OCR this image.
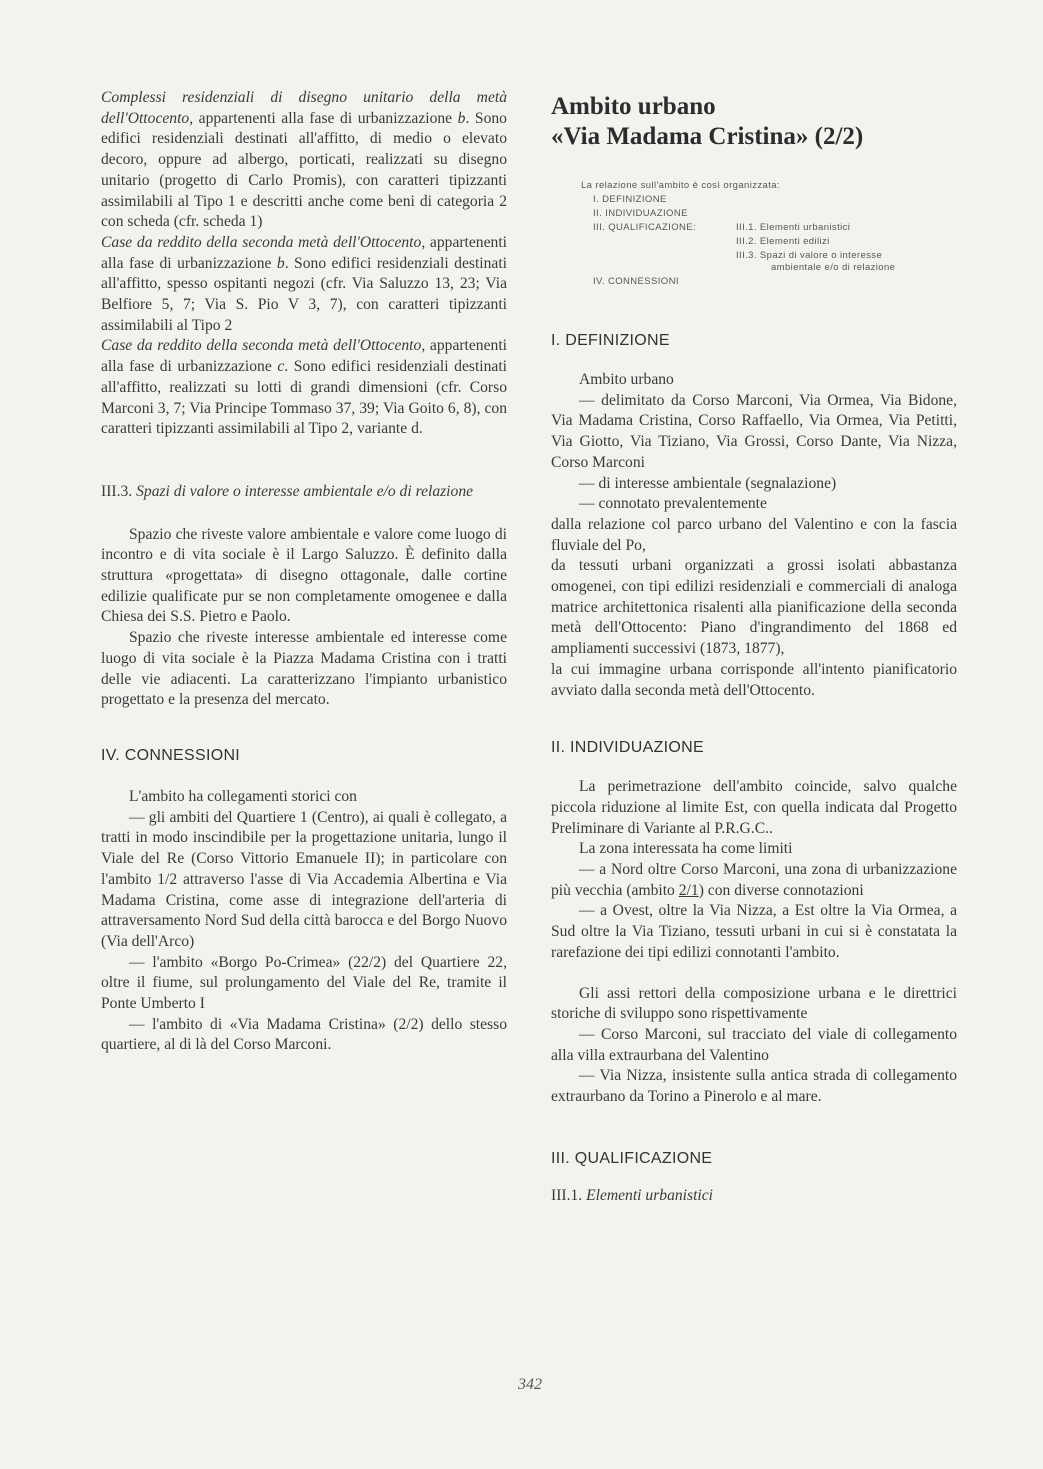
Complessi residenziali di disegno unitario della metà dell'Ottocento, appartenenti alla fase di urbanizzazione b. Sono edifici residenziali destinati all'affitto, di medio o elevato decoro, oppure ad albergo, porticati, realizzati su disegno unitario (progetto di Carlo Promis), con caratteri tipizzanti assimilabili al Tipo 1 e descritti anche come beni di categoria 2 con scheda (cfr. scheda 1)

Case da reddito della seconda metà dell'Ottocento, appartenenti alla fase di urbanizzazione b. Sono edifici residenziali destinati all'affitto, spesso ospitanti negozi (cfr. Via Saluzzo 13, 23; Via Belfiore 5, 7; Via S. Pio V 3, 7), con caratteri tipizzanti assimilabili al Tipo 2

Case da reddito della seconda metà dell'Ottocento, appartenenti alla fase di urbanizzazione c. Sono edifici residenziali destinati all'affitto, realizzati su lotti di grandi dimensioni (cfr. Corso Marconi 3, 7; Via Principe Tommaso 37, 39; Via Goito 6, 8), con caratteri tipizzanti assimilabili al Tipo 2, variante d.

III.3. Spazi di valore o interesse ambientale e/o di relazione

Spazio che riveste valore ambientale e valore come luogo di incontro e di vita sociale è il Largo Saluzzo. È definito dalla struttura «progettata» di disegno ottagonale, dalle cortine edilizie qualificate pur se non completamente omogenee e dalla Chiesa dei S.S. Pietro e Paolo.

Spazio che riveste interesse ambientale ed interesse come luogo di vita sociale è la Piazza Madama Cristina con i tratti delle vie adiacenti. La caratterizzano l'impianto urbanistico progettato e la presenza del mercato.

IV. CONNESSIONI

L'ambito ha collegamenti storici con

— gli ambiti del Quartiere 1 (Centro), ai quali è collegato, a tratti in modo inscindibile per la progettazione unitaria, lungo il Viale del Re (Corso Vittorio Emanuele II); in particolare con l'ambito 1/2 attraverso l'asse di Via Accademia Albertina e Via Madama Cristina, come asse di integrazione dell'arteria di attraversamento Nord Sud della città barocca e del Borgo Nuovo (Via dell'Arco)

— l'ambito «Borgo Po-Crimea» (22/2) del Quartiere 22, oltre il fiume, sul prolungamento del Viale del Re, tramite il Ponte Umberto I

— l'ambito di «Via Madama Cristina» (2/2) dello stesso quartiere, al di là del Corso Marconi.

Ambito urbano
«Via Madama Cristina» (2/2)
La relazione sull'ambito è così organizzata:
I. DEFINIZIONE
II. INDIVIDUAZIONE
III. QUALIFICAZIONE:	III.1. Elementi urbanistici
III.2. Elementi edilizi
III.3. Spazi di valore o interesse
ambientale e/o di relazione
IV. CONNESSIONI
I. DEFINIZIONE

Ambito urbano

— delimitato da Corso Marconi, Via Ormea, Via Bidone, Via Madama Cristina, Corso Raffaello, Via Ormea, Via Petitti, Via Giotto, Via Tiziano, Via Grossi, Corso Dante, Via Nizza, Corso Marconi

— di interesse ambientale (segnalazione)

— connotato prevalentemente

dalla relazione col parco urbano del Valentino e con la fascia fluviale del Po,

da tessuti urbani organizzati a grossi isolati abbastanza omogenei, con tipi edilizi residenziali e commerciali di analoga matrice architettonica risalenti alla pianificazione della seconda metà dell'Ottocento: Piano d'ingrandimento del 1868 ed ampliamenti successivi (1873, 1877),

la cui immagine urbana corrisponde all'intento pianificatorio avviato dalla seconda metà dell'Ottocento.

II. INDIVIDUAZIONE

La perimetrazione dell'ambito coincide, salvo qualche piccola riduzione al limite Est, con quella indicata dal Progetto Preliminare di Variante al P.R.G.C..

La zona interessata ha come limiti

— a Nord oltre Corso Marconi, una zona di urbanizzazione più vecchia (ambito 2/1) con diverse connotazioni

— a Ovest, oltre la Via Nizza, a Est oltre la Via Ormea, a Sud oltre la Via Tiziano, tessuti urbani in cui si è constatata la rarefazione dei tipi edilizi connotanti l'ambito.

Gli assi rettori della composizione urbana e le direttrici storiche di sviluppo sono rispettivamente

— Corso Marconi, sul tracciato del viale di collegamento alla villa extraurbana del Valentino

— Via Nizza, insistente sulla antica strada di collegamento extraurbano da Torino a Pinerolo e al mare.

III. QUALIFICAZIONE

III.1. Elementi urbanistici

342
